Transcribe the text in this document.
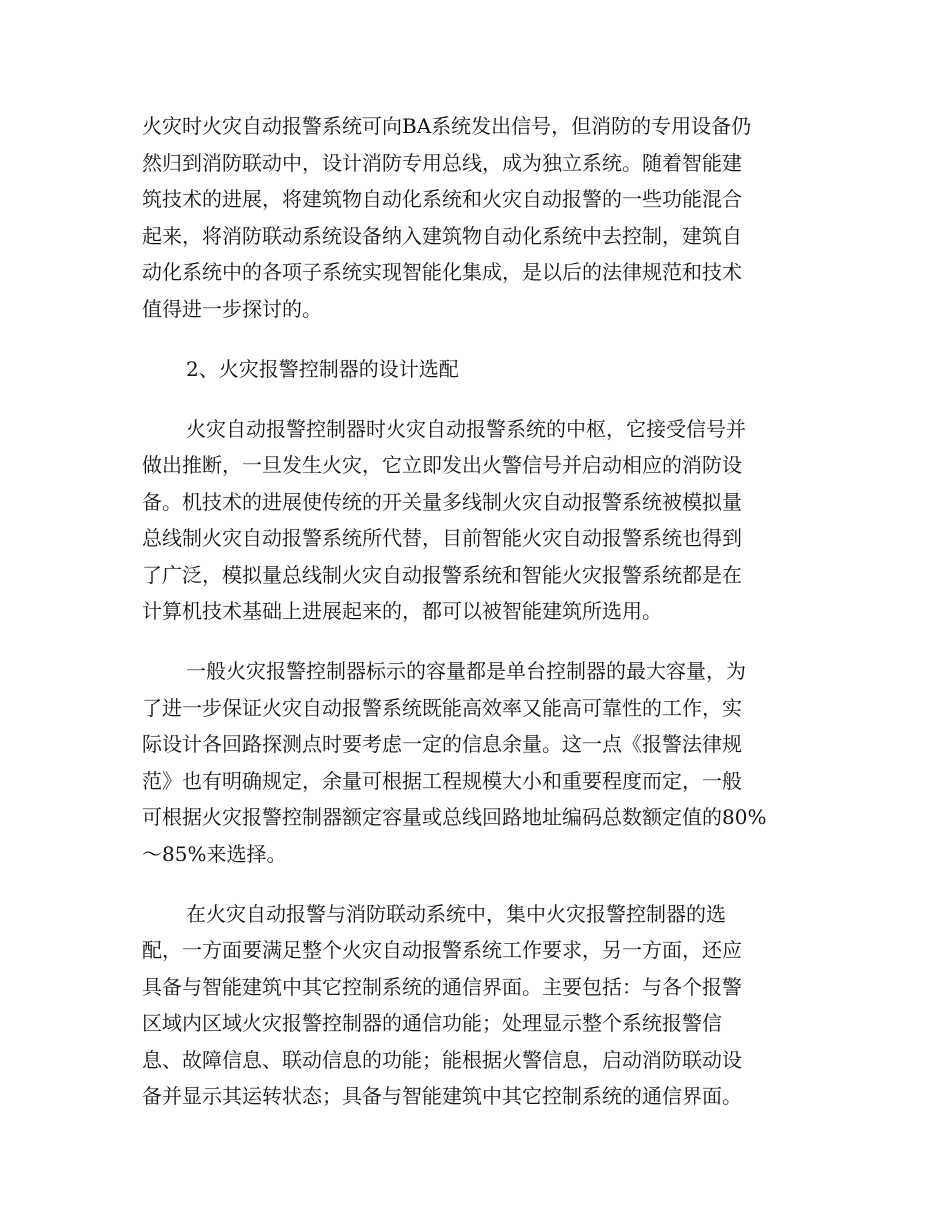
火灾时火灾自动报警系统可向BA系统发出信号，但消防的专用设备仍
然归到消防联动中，设计消防专用总线，成为独立系统。随着智能建
筑技术的进展，将建筑物自动化系统和火灾自动报警的一些功能混合
起来，将消防联动系统设备纳入建筑物自动化系统中去控制，建筑自
动化系统中的各项子系统实现智能化集成，是以后的法律规范和技术
值得进一步探讨的。
2、火灾报警控制器的设计选配
火灾自动报警控制器时火灾自动报警系统的中枢，它接受信号并
做出推断，一旦发生火灾，它立即发出火警信号并启动相应的消防设
备。机技术的进展使传统的开关量多线制火灾自动报警系统被模拟量
总线制火灾自动报警系统所代替，目前智能火灾自动报警系统也得到
了广泛，模拟量总线制火灾自动报警系统和智能火灾报警系统都是在
计算机技术基础上进展起来的，都可以被智能建筑所选用。
一般火灾报警控制器标示的容量都是单台控制器的最大容量，为
了进一步保证火灾自动报警系统既能高效率又能高可靠性的工作，实
际设计各回路探测点时要考虑一定的信息余量。这一点《报警法律规
范》也有明确规定，余量可根据工程规模大小和重要程度而定，一般
可根据火灾报警控制器额定容量或总线回路地址编码总数额定值的80%
～85%来选择。
在火灾自动报警与消防联动系统中，集中火灾报警控制器的选
配，一方面要满足整个火灾自动报警系统工作要求，另一方面，还应
具备与智能建筑中其它控制系统的通信界面。主要包括：与各个报警
区域内区域火灾报警控制器的通信功能；处理显示整个系统报警信
息、故障信息、联动信息的功能；能根据火警信息，启动消防联动设
备并显示其运转状态；具备与智能建筑中其它控制系统的通信界面。
